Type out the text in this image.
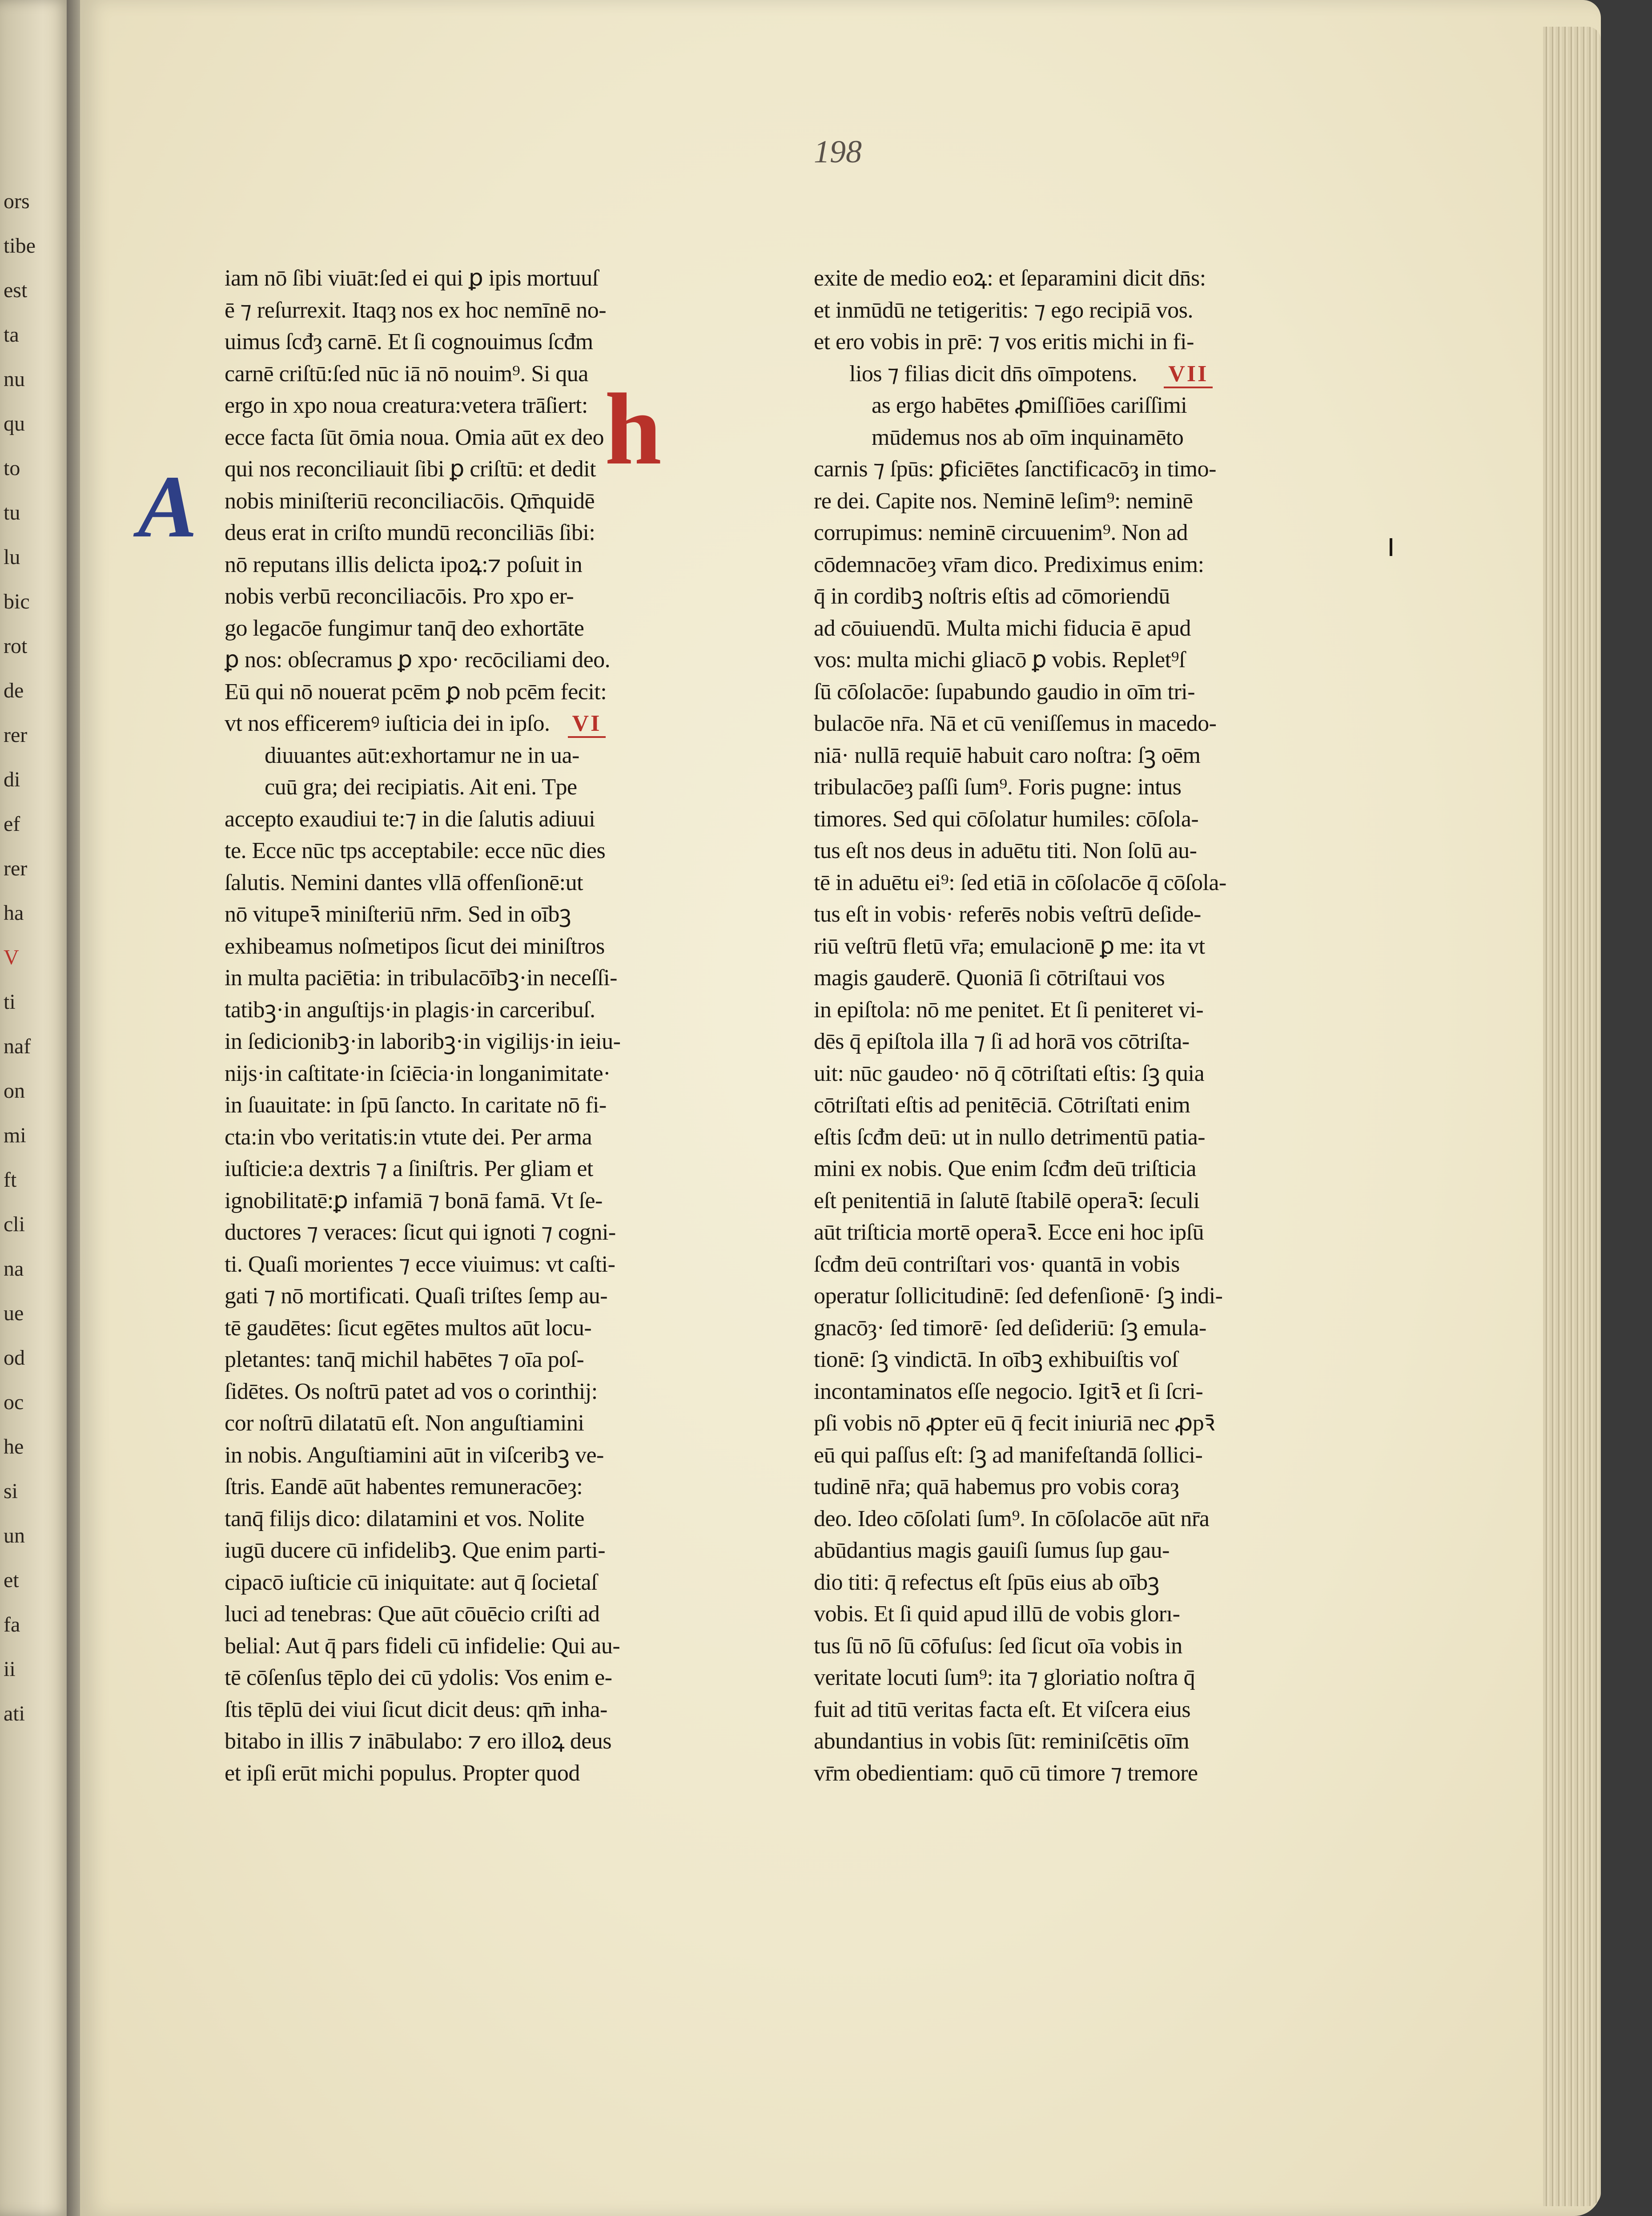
ors
tibe
est
ta
nu
qu
to
tu
lu
bic
rot
de
rer
di
ef
rer
ha
V
ti
naf
on
mi
ft
cli
na
ue
od
oc
he
si
un
et
fa
ii
ati
198
iam nō ſibi viuāt:ſed ei qui ꝑ ipis mortuuſ
ē ⁊ reſurrexit. Itaqȝ nos ex hoc nemīnē no-
uimus ſcđȝ carnē. Et ſi cognouimus ſcđm
carnē criſtū:ſed nūc iā nō nouim⁹. Si qua
ergo in xpo noua creatura:vetera trāſiert:
ecce facta ſūt ōmia noua. Omia aūt ex deo
qui nos reconciliauit ſibi ꝑ criſtū: et dedit
nobis miniſteriū reconciliacōis. Qm̄quidē
deus erat in criſto mundū reconciliās ſibi:
nō reputans illis delicta ipoꝝ:⁊ poſuit in
nobis verbū reconciliacōis. Pro xpo er-
go legacōe fungimur tanq̄ deo exhortāte
ꝑ nos: obſecramus ꝑ xpo· recōciliami deo.
Eū qui nō nouerat pcēm ꝑ nob pcēm fecit:
vt nos efficeremꝰ iuſticia dei in ipſo. VI
diuuantes aūt:exhortamur ne in ua-
cuū gra; dei recipiatis. Ait eni. Tpe
accepto exaudiui te:⁊ in die ſalutis adiuui
te. Ecce nūc tps acceptabile: ecce nūc dies
ſalutis. Nemini dantes vllā offenſionē:ut
nō vitupeꝛ̄ miniſteriū nr̄m. Sed in oībꝫ
exhibeamus noſmetipos ſicut dei miniſtros
in multa paciētia: in tribulacōībꝫ·in neceſſi-
tatibꝫ·in anguſtijs·in plagis·in carceribuſ.
in ſedicionibꝫ·in laboribꝫ·in vigilijs·in ieiu-
nijs·in caſtitate·in ſciēcia·in longanimitate·
in ſuauitate: in ſpū ſancto. In caritate nō fi-
cta:in vbo veritatis:in vtute dei. Per arma
iuſticie:a dextris ⁊ a ſiniſtris. Per gliam et
ignobilitatē:ꝑ infamiā ⁊ bonā famā. Vt ſe-
ductores ⁊ veraces: ſicut qui ignoti ⁊ cogni-
ti. Quaſi morientes ⁊ ecce viuimus: vt caſti-
gati ⁊ nō mortificati. Quaſi triſtes ſemp au-
tē gaudētes: ſicut egētes multos aūt locu-
pletantes: tanq̄ michil habētes ⁊ oīa poſ-
ſidētes. Os noſtrū patet ad vos o corinthij:
cor noſtrū dilatatū eſt. Non anguſtiamini
in nobis. Anguſtiamini aūt in viſceribꝫ ve-
ſtris. Eandē aūt habentes remuneracōeȝ:
tanq̄ filijs dico: dilatamini et vos. Nolite
iugū ducere cū infidelibꝫ. Que enim parti-
cipacō iuſticie cū iniquitate: aut q̄ ſocietaſ
luci ad tenebras: Que aūt cōuēcio criſti ad
belial: Aut q̄ pars fideli cū infidelie: Qui au-
tē cōſenſus tēplo dei cū ydolis: Vos enim e-
ſtis tēplū dei viui ſicut dicit deus: qm̄ inha-
bitabo in illis ⁊ inābulabo: ⁊ ero illoꝝ deus
et ipſi erūt michi populus. Propter quod
exite de medio eoꝝ: et ſeparamini dicit dn̄s:
et inmūdū ne tetigeritis: ⁊ ego recipiā vos.
et ero vobis in prē: ⁊ vos eritis michi in fi-
lios ⁊ filias dicit dn̄s oīmpotens. VII
as ergo habētes ꝓmiſſiōes cariſſimi
mūdemus nos ab oīm inquinamēto
carnis ⁊ ſpūs: ꝑficiētes ſanctificacōȝ in timo-
re dei. Capite nos. Neminē leſim⁹: neminē
corrupimus: neminē circuuenim⁹. Non ad
cōdemnacōeȝ vr̄am dico. Prediximus enim:
q̄ in cordibꝫ noſtris eſtis ad cōmoriendū
ad cōuiuendū. Multa michi fiducia ē apud
vos: multa michi gliacō ꝑ vobis. Replet⁹ſ
ſū cōſolacōe: ſupabundo gaudio in oīm tri-
bulacōe nr̄a. Nā et cū veniſſemus in macedo-
niā· nullā requiē habuit caro noſtra: ſꝫ oēm
tribulacōeȝ paſſi ſum⁹. Foris pugne: intus
timores. Sed qui cōſolatur humiles: cōſola-
tus eſt nos deus in aduētu titi. Non ſolū au-
tē in aduētu ei⁹: ſed etiā in cōſolacōe q̄ cōſola-
tus eſt in vobis· referēs nobis veſtrū deſide-
riū veſtrū fletū vr̄a; emulacionē ꝑ me: ita vt
magis gauderē. Quoniā ſi cōtriſtaui vos
in epiſtola: nō me penitet. Et ſi peniteret vi-
dēs q̄ epiſtola illa ⁊ ſi ad horā vos cōtriſta-
uit: nūc gaudeo· nō q̄ cōtriſtati eſtis: ſꝫ quia
cōtriſtati eſtis ad penitēciā. Cōtriſtati enim
eſtis ſcđm deū: ut in nullo detrimentū patia-
mini ex nobis. Que enim ſcđm deū triſticia
eſt penitentiā in ſalutē ſtabilē operaꝛ̄: ſeculi
aūt triſticia mortē operaꝛ̄. Ecce eni hoc ipſū
ſcđm deū contriſtari vos· quantā in vobis
operatur ſollicitudinē: ſed defenſionē· ſꝫ indi-
gnacōȝ· ſed timorē· ſed deſideriū: ſꝫ emula-
tionē: ſꝫ vindictā. In oībꝫ exhibuiſtis voſ
incontaminatos eſſe negocio. Igitꝛ̄ et ſi ſcri-
pſi vobis nō ꝓpter eū q̄ fecit iniuriā nec ꝓpꝛ̄
eū qui paſſus eſt: ſꝫ ad manifeſtandā ſollici-
tudinē nr̄a; quā habemus pro vobis coraȝ
deo. Ideo cōſolati ſum⁹. In cōſolacōe aūt nr̄a
abūdantius magis gauiſi ſumus ſup gau-
dio titi: q̄ refectus eſt ſpūs eius ab oībꝫ
vobis. Et ſi quid apud illū de vobis glorı-
tus ſū nō ſū cōfuſus: ſed ſicut oīa vobis in
veritate locuti ſum⁹: ita ⁊ gloriatio noſtra q̄
fuit ad titū veritas facta eſt. Et viſcera eius
abundantius in vobis ſūt: reminiſcētis oīm
vr̄m obedientiam: quō cū timore ⁊ tremore
A
h
